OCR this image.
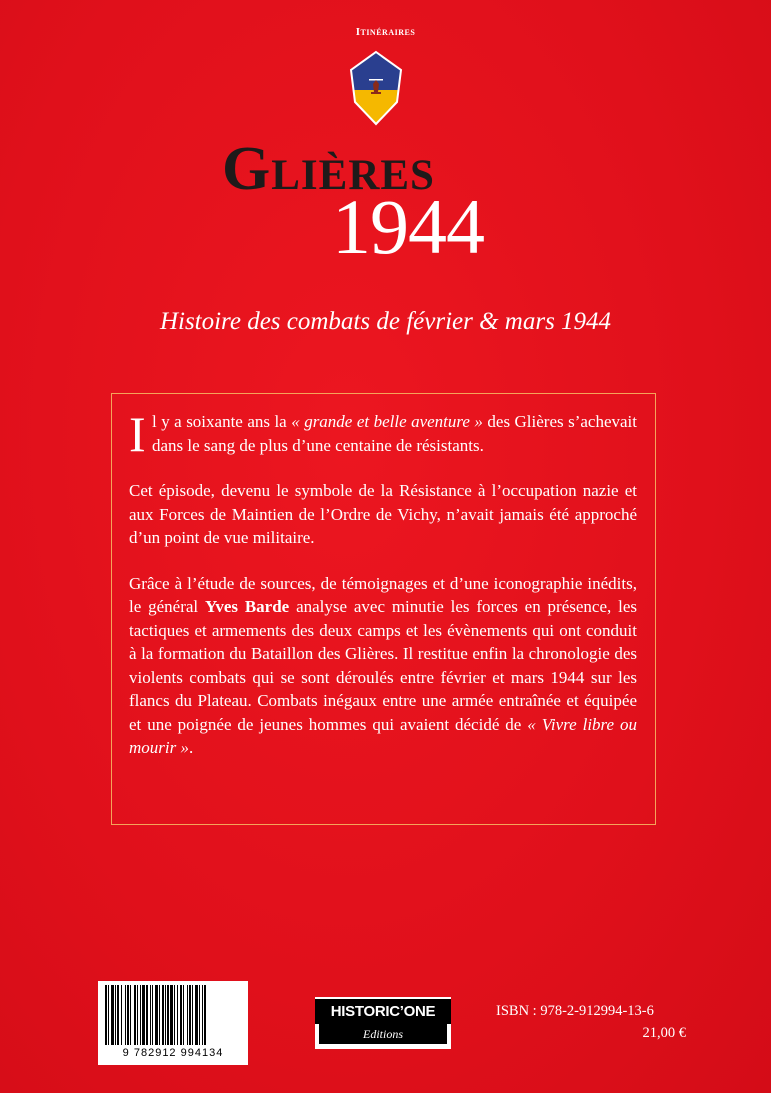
Itinéraires
Glières
1944
Histoire des combats de février & mars 1944

I l y a soixante ans la « grande et belle aventure » des Glières s’achevait dans le sang de plus d’une centaine de résistants.

Cet épisode, devenu le symbole de la Résistance à l’occupation nazie et aux Forces de Maintien de l’Ordre de Vichy, n’avait jamais été approché d’un point de vue militaire.

Grâce à l’étude de sources, de témoignages et d’une iconographie inédits, le général Yves Barde analyse avec minutie les forces en présence, les tactiques et armements des deux camps et les évènements qui ont conduit à la formation du Bataillon des Glières. Il restitue enfin la chronologie des violents combats qui se sont déroulés entre février et mars 1944 sur les flancs du Plateau. Combats inégaux entre une armée entraînée et équipée et une poignée de jeunes hommes qui avaient décidé de « Vivre libre ou mourir ».

9 782912 994134
HISTORIC’ONE
Editions
ISBN : 978-2-912994-13-6
21,00 €
